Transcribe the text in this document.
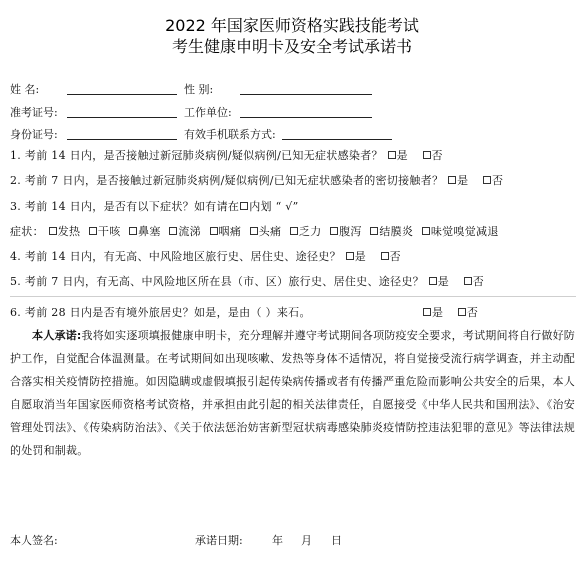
2022 年国家医师资格实践技能考试
考生健康申明卡及安全考试承诺书
姓 名:	性 别:
准考证号:	工作单位:
身份证号:	有效手机联系方式:
1. 考前 14 日内，是否接触过新冠肺炎病例/疑似病例/已知无症状感染者？ 是 否
2. 考前 7 日内，是否接触过新冠肺炎病例/疑似病例/已知无症状感染者的密切接触者？ 是 否
3. 考前 14 日内，是否有以下症状？如有请在 内划 “ √”
症状： 发热 干咳 鼻塞 流涕 咽痛 头痛 乏力 腹泻 结膜炎 味觉嗅觉减退
4. 考前 14 日内，有无高、中风险地区旅行史、居住史、途径史？ 是 否
5. 考前 7 日内，有无高、中风险地区所在县（市、区）旅行史、居住史、途径史？ 是 否
6. 考前 28 日内是否有境外旅居史？如是，是由（ ）来石。	是 否
本人承诺:我将如实逐项填报健康申明卡，充分理解并遵守考试期间各项防疫安全要求，考试期间将自行做好防护工作，自觉配合体温测量。在考试期间如出现咳嗽、发热等身体不适情况，将自觉接受流行病学调查，并主动配合落实相关疫情防控措施。如因隐瞒或虚假填报引起传染病传播或者有传播严重危险而影响公共安全的后果，本人自愿取消当年国家医师资格考试资格，并承担由此引起的相关法律责任，自愿接受《中华人民共和国刑法》、《治安管理处罚法》、《传染病防治法》、《关于依法惩治妨害新型冠状病毒感染肺炎疫情防控违法犯罪的意见》等法律法规的处罚和制裁。
本人签名:	承诺日期:	年 月 日
